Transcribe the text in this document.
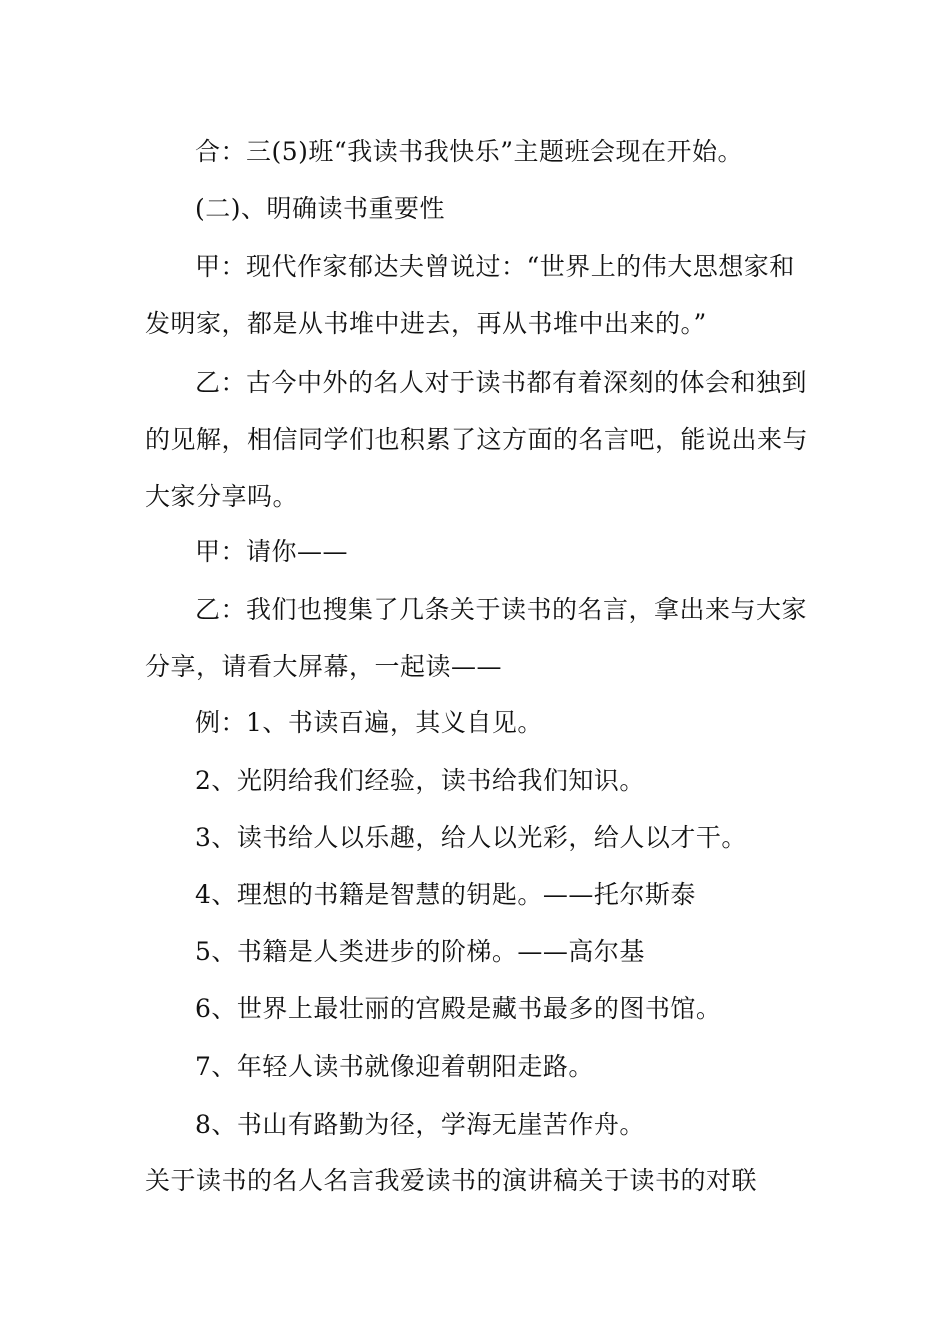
合：三(5)班“我读书我快乐”主题班会现在开始。

(二)、明确读书重要性

甲：现代作家郁达夫曾说过：“世界上的伟大思想家和发明家，都是从书堆中进去，再从书堆中出来的。”

乙：古今中外的名人对于读书都有着深刻的体会和独到的见解，相信同学们也积累了这方面的名言吧，能说出来与大家分享吗。

甲：请你——

乙：我们也搜集了几条关于读书的名言，拿出来与大家分享，请看大屏幕，一起读——

例：1、书读百遍，其义自见。

2、光阴给我们经验，读书给我们知识。

3、读书给人以乐趣，给人以光彩，给人以才干。

4、理想的书籍是智慧的钥匙。——托尔斯泰

5、书籍是人类进步的阶梯。——高尔基

6、世界上最壮丽的宫殿是藏书最多的图书馆。

7、年轻人读书就像迎着朝阳走路。

8、书山有路勤为径，学海无崖苦作舟。

关于读书的名人名言我爱读书的演讲稿关于读书的对联
